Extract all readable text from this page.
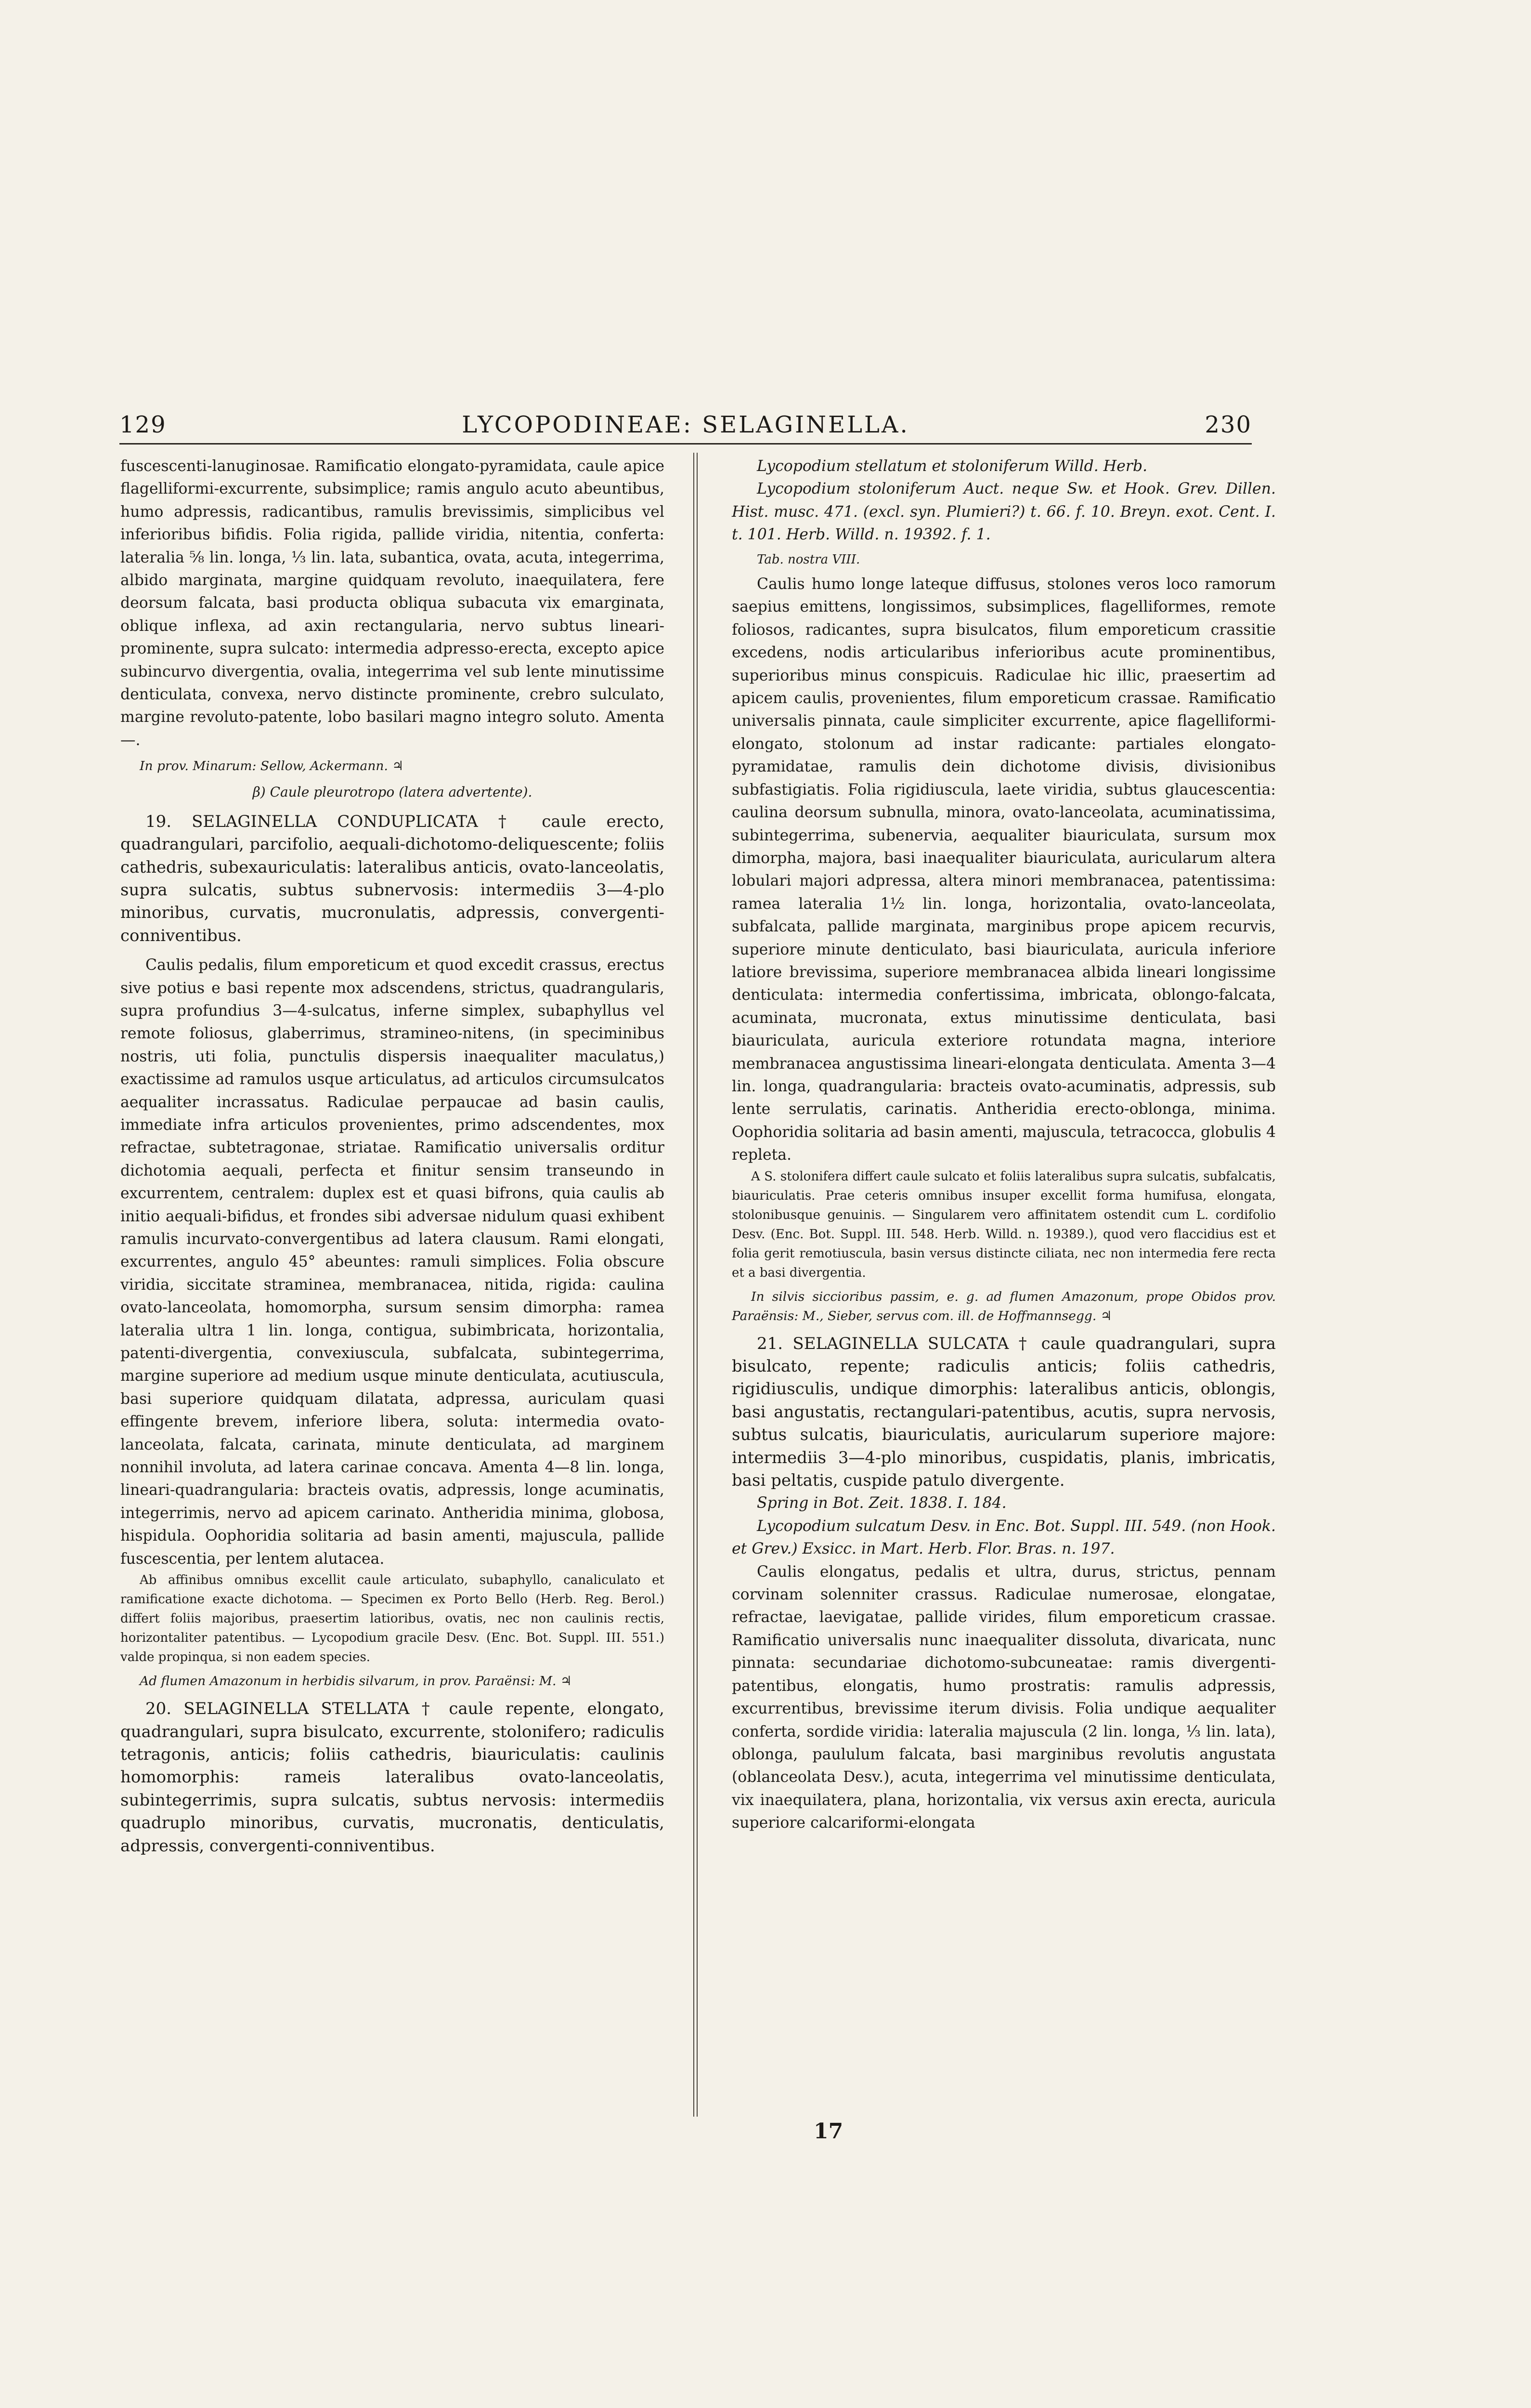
129	LYCOPODINEAE: SELAGINELLA.	230

fuscescenti-lanuginosae. Ramificatio elongato-pyramidata, caule apice flagelliformi-excurrente, subsimplice; ramis angulo acuto abeuntibus, humo adpressis, radicantibus, ramulis brevissimis, simplicibus vel inferioribus bifidis. Folia rigida, pallide viridia, nitentia, conferta: lateralia ⅝ lin. longa, ⅓ lin. lata, subantica, ovata, acuta, integerrima, albido marginata, margine quidquam revoluto, inaequilatera, fere deorsum falcata, basi producta obliqua subacuta vix emarginata, oblique inflexa, ad axin rectangularia, nervo subtus lineari-prominente, supra sulcato: intermedia adpresso-erecta, excepto apice subincurvo divergentia, ovalia, integerrima vel sub lente minutissime denticulata, convexa, nervo distincte prominente, crebro sulculato, margine revoluto-patente, lobo basilari magno integro soluto. Amenta —.

In prov. Minarum: Sellow, Ackermann. ♃

β) Caule pleurotropo (latera advertente).

19. SELAGINELLA CONDUPLICATA † caule erecto, quadrangulari, parcifolio, aequali-dichotomo-deliquescente; foliis cathedris, subexauriculatis: lateralibus anticis, ovato-lanceolatis, supra sulcatis, subtus subnervosis: intermediis 3—4-plo minoribus, curvatis, mucronulatis, adpressis, convergenti-conniventibus.

Caulis pedalis, filum emporeticum et quod excedit crassus, erectus sive potius e basi repente mox adscendens, strictus, quadrangularis, supra profundius 3—4-sulcatus, inferne simplex, subaphyllus vel remote foliosus, glaberrimus, stramineo-nitens, (in speciminibus nostris, uti folia, punctulis dispersis inaequaliter maculatus,) exactissime ad ramulos usque articulatus, ad articulos circumsulcatos aequaliter incrassatus. Radiculae perpaucae ad basin caulis, immediate infra articulos provenientes, primo adscendentes, mox refractae, subtetragonae, striatae. Ramificatio universalis orditur dichotomia aequali, perfecta et finitur sensim transeundo in excurrentem, centralem: duplex est et quasi bifrons, quia caulis ab initio aequali-bifidus, et frondes sibi adversae nidulum quasi exhibent ramulis incurvato-convergentibus ad latera clausum. Rami elongati, excurrentes, angulo 45° abeuntes: ramuli simplices. Folia obscure viridia, siccitate straminea, membranacea, nitida, rigida: caulina ovato-lanceolata, homomorpha, sursum sensim dimorpha: ramea lateralia ultra 1 lin. longa, contigua, subimbricata, horizontalia, patenti-divergentia, convexiuscula, subfalcata, subintegerrima, margine superiore ad medium usque minute denticulata, acutiuscula, basi superiore quidquam dilatata, adpressa, auriculam quasi effingente brevem, inferiore libera, soluta: intermedia ovato-lanceolata, falcata, carinata, minute denticulata, ad marginem nonnihil involuta, ad latera carinae concava. Amenta 4—8 lin. longa, lineari-quadrangularia: bracteis ovatis, adpressis, longe acuminatis, integerrimis, nervo ad apicem carinato. Antheridia minima, globosa, hispidula. Oophoridia solitaria ad basin amenti, majuscula, pallide fuscescentia, per lentem alutacea.

Ab affinibus omnibus excellit caule articulato, subaphyllo, canaliculato et ramificatione exacte dichotoma. — Specimen ex Porto Bello (Herb. Reg. Berol.) differt foliis majoribus, praesertim latioribus, ovatis, nec non caulinis rectis, horizontaliter patentibus. — Lycopodium gracile Desv. (Enc. Bot. Suppl. III. 551.) valde propinqua, si non eadem species.

Ad flumen Amazonum in herbidis silvarum, in prov. Paraënsi: M. ♃

20. SELAGINELLA STELLATA † caule repente, elongato, quadrangulari, supra bisulcato, excurrente, stolonifero; radiculis tetragonis, anticis; foliis cathedris, biauriculatis: caulinis homomorphis: rameis lateralibus ovato-lanceolatis, subintegerrimis, supra sulcatis, subtus nervosis: intermediis quadruplo minoribus, curvatis, mucronatis, denticulatis, adpressis, convergenti-conniventibus.

Lycopodium stellatum et stoloniferum Willd. Herb.

Lycopodium stoloniferum Auct. neque Sw. et Hook. Grev. Dillen. Hist. musc. 471. (excl. syn. Plumieri?) t. 66. f. 10. Breyn. exot. Cent. I. t. 101. Herb. Willd. n. 19392. f. 1.

Tab. nostra VIII.

Caulis humo longe lateque diffusus, stolones veros loco ramorum saepius emittens, longissimos, subsimplices, flagelliformes, remote foliosos, radicantes, supra bisulcatos, filum emporeticum crassitie excedens, nodis articularibus inferioribus acute prominentibus, superioribus minus conspicuis. Radiculae hic illic, praesertim ad apicem caulis, provenientes, filum emporeticum crassae. Ramificatio universalis pinnata, caule simpliciter excurrente, apice flagelliformi-elongato, stolonum ad instar radicante: partiales elongato-pyramidatae, ramulis dein dichotome divisis, divisionibus subfastigiatis. Folia rigidiuscula, laete viridia, subtus glaucescentia: caulina deorsum subnulla, minora, ovato-lanceolata, acuminatissima, subintegerrima, subenervia, aequaliter biauriculata, sursum mox dimorpha, majora, basi inaequaliter biauriculata, auricularum altera lobulari majori adpressa, altera minori membranacea, patentissima: ramea lateralia 1½ lin. longa, horizontalia, ovato-lanceolata, subfalcata, pallide marginata, marginibus prope apicem recurvis, superiore minute denticulato, basi biauriculata, auricula inferiore latiore brevissima, superiore membranacea albida lineari longissime denticulata: intermedia confertissima, imbricata, oblongo-falcata, acuminata, mucronata, extus minutissime denticulata, basi biauriculata, auricula exteriore rotundata magna, interiore membranacea angustissima lineari-elongata denticulata. Amenta 3—4 lin. longa, quadrangularia: bracteis ovato-acuminatis, adpressis, sub lente serrulatis, carinatis. Antheridia erecto-oblonga, minima. Oophoridia solitaria ad basin amenti, majuscula, tetracocca, globulis 4 repleta.

A S. stolonifera differt caule sulcato et foliis lateralibus supra sulcatis, subfalcatis, biauriculatis. Prae ceteris omnibus insuper excellit forma humifusa, elongata, stolonibusque genuinis. — Singularem vero affinitatem ostendit cum L. cordifolio Desv. (Enc. Bot. Suppl. III. 548. Herb. Willd. n. 19389.), quod vero flaccidius est et folia gerit remotiuscula, basin versus distincte ciliata, nec non intermedia fere recta et a basi divergentia.

In silvis siccioribus passim, e. g. ad flumen Amazonum, prope Obidos prov. Paraënsis: M., Sieber, servus com. ill. de Hoffmannsegg. ♃

21. SELAGINELLA SULCATA † caule quadrangulari, supra bisulcato, repente; radiculis anticis; foliis cathedris, rigidiusculis, undique dimorphis: lateralibus anticis, oblongis, basi angustatis, rectangulari-patentibus, acutis, supra nervosis, subtus sulcatis, biauriculatis, auricularum superiore majore: intermediis 3—4-plo minoribus, cuspidatis, planis, imbricatis, basi peltatis, cuspide patulo divergente.

Spring in Bot. Zeit. 1838. I. 184.

Lycopodium sulcatum Desv. in Enc. Bot. Suppl. III. 549. (non Hook. et Grev.) Exsicc. in Mart. Herb. Flor. Bras. n. 197.

Caulis elongatus, pedalis et ultra, durus, strictus, pennam corvinam solenniter crassus. Radiculae numerosae, elongatae, refractae, laevigatae, pallide virides, filum emporeticum crassae. Ramificatio universalis nunc inaequaliter dissoluta, divaricata, nunc pinnata: secundariae dichotomo-subcuneatae: ramis divergenti-patentibus, elongatis, humo prostratis: ramulis adpressis, excurrentibus, brevissime iterum divisis. Folia undique aequaliter conferta, sordide viridia: lateralia majuscula (2 lin. longa, ⅓ lin. lata), oblonga, paululum falcata, basi marginibus revolutis angustata (oblanceolata Desv.), acuta, integerrima vel minutissime denticulata, vix inaequilatera, plana, horizontalia, vix versus axin erecta, auricula superiore calcariformi-elongata

17
